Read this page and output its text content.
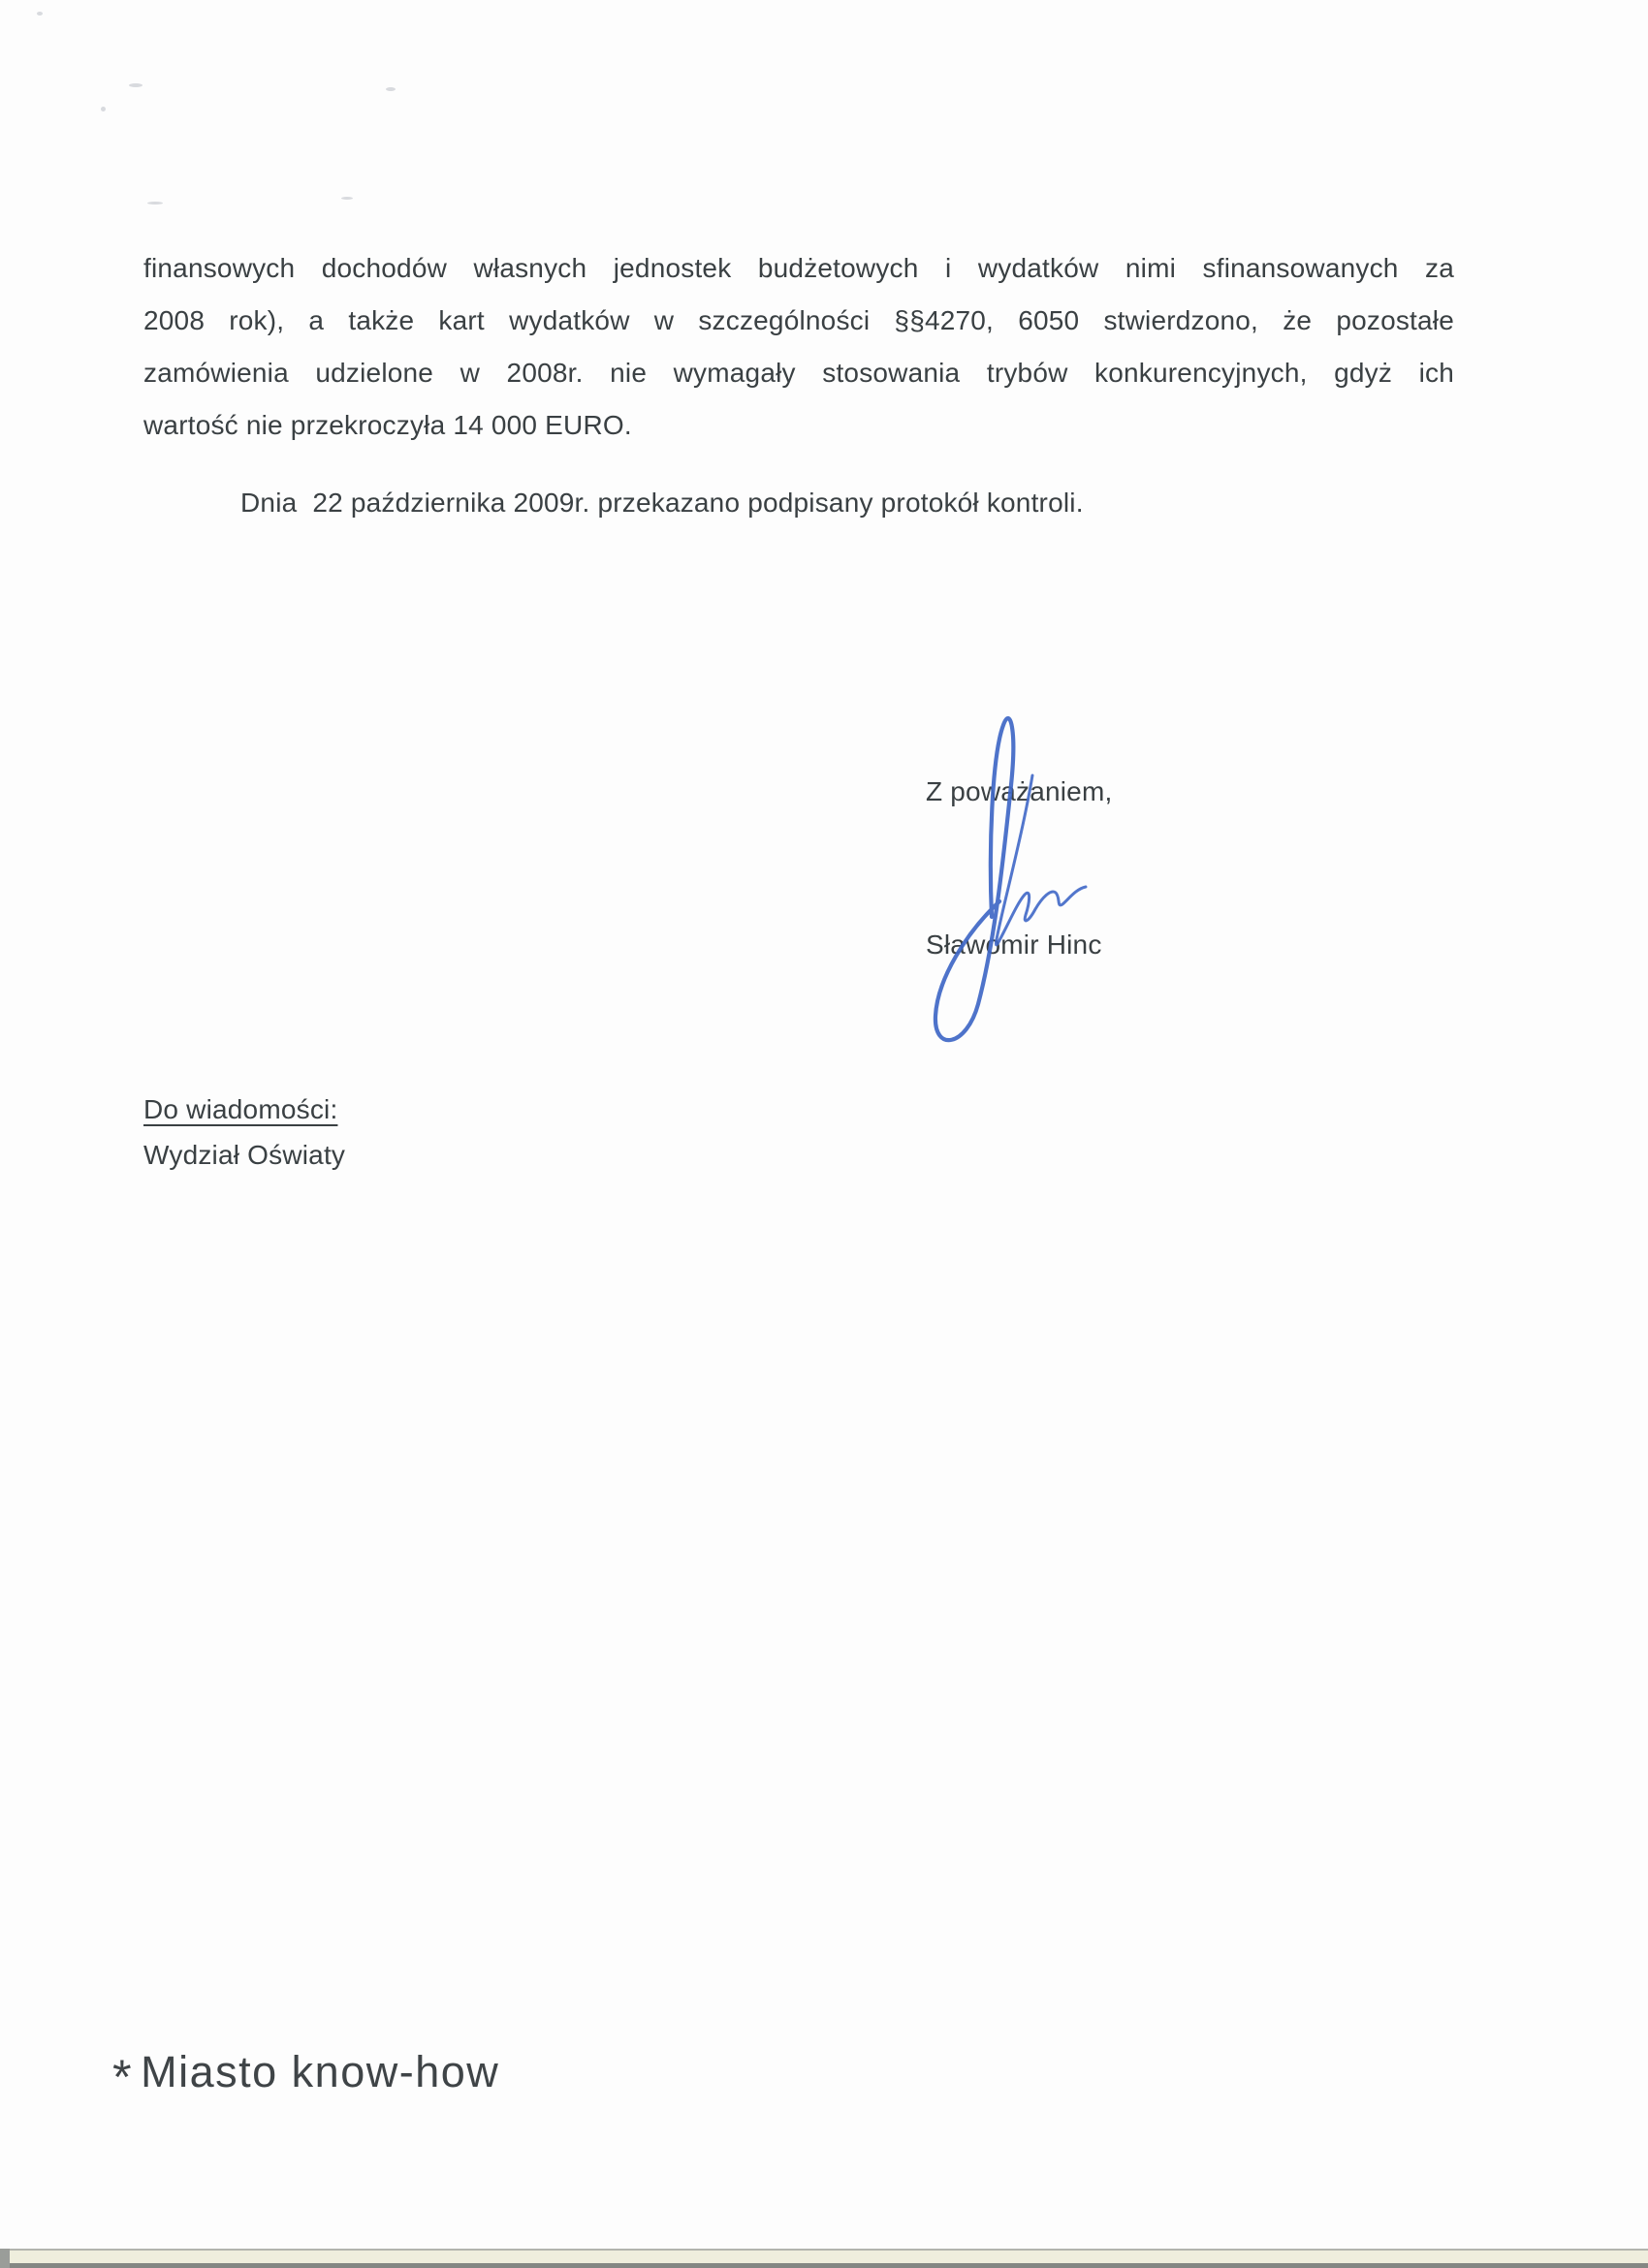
finansowych dochodów własnych jednostek budżetowych i wydatków nimi sfinansowanych za
2008 rok), a także kart wydatków w szczególności §§4270, 6050 stwierdzono, że pozostałe
zamówienia udzielone w 2008r. nie wymagały stosowania trybów konkurencyjnych, gdyż ich
wartość nie przekroczyła 14 000 EURO.
Dnia  22 października 2009r. przekazano podpisany protokół kontroli.
Z poważaniem,
Sławomir Hinc
Do wiadomości:
Wydział Oświaty
* Miasto know-how
